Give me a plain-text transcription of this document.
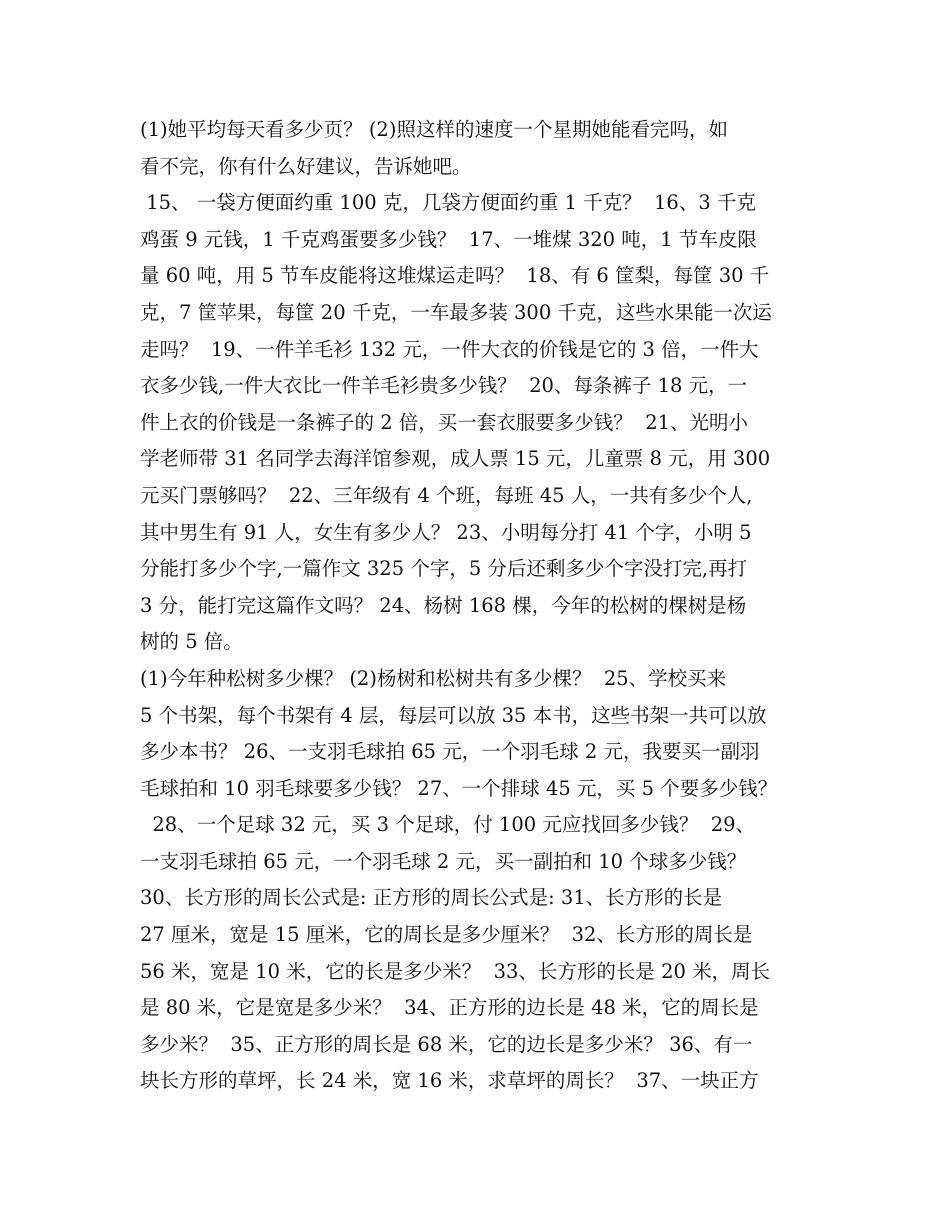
(1)她平均每天看多少页？ (2)照这样的速度一个星期她能看完吗，如
看不完，你有什么好建议，告诉她吧。
15、 一袋方便面约重 100 克，几袋方便面约重 1 千克？  16、3 千克
鸡蛋 9 元钱，1 千克鸡蛋要多少钱？  17、一堆煤 320 吨，1 节车皮限
量 60 吨，用 5 节车皮能将这堆煤运走吗？  18、有 6 筐梨，每筐 30 千
克，7 筐苹果，每筐 20 千克，一车最多装 300 千克，这些水果能一次运
走吗？  19、一件羊毛衫 132 元，一件大衣的价钱是它的 3 倍，一件大
衣多少钱,一件大衣比一件羊毛衫贵多少钱？  20、每条裤子 18 元，一
件上衣的价钱是一条裤子的 2 倍，买一套衣服要多少钱？  21、光明小
学老师带 31 名同学去海洋馆参观，成人票 15 元，儿童票 8 元，用 300
元买门票够吗？  22、三年级有 4 个班，每班 45 人，一共有多少个人,
其中男生有 91 人，女生有多少人？ 23、小明每分打 41 个字，小明 5
分能打多少个字,一篇作文 325 个字，5 分后还剩多少个字没打完,再打
3 分，能打完这篇作文吗？ 24、杨树 168 棵，今年的松树的棵树是杨
树的 5 倍。
(1)今年种松树多少棵？ (2)杨树和松树共有多少棵？  25、学校买来
5 个书架，每个书架有 4 层，每层可以放 35 本书，这些书架一共可以放
多少本书？ 26、一支羽毛球拍 65 元，一个羽毛球 2 元，我要买一副羽
毛球拍和 10 羽毛球要多少钱？ 27、一个排球 45 元，买 5 个要多少钱？
28、一个足球 32 元，买 3 个足球，付 100 元应找回多少钱？  29、
一支羽毛球拍 65 元，一个羽毛球 2 元，买一副拍和 10 个球多少钱？
30、长方形的周长公式是: 正方形的周长公式是: 31、长方形的长是
27 厘米，宽是 15 厘米，它的周长是多少厘米？  32、长方形的周长是
56 米，宽是 10 米，它的长是多少米？  33、长方形的长是 20 米，周长
是 80 米，它是宽是多少米？  34、正方形的边长是 48 米，它的周长是
多少米？  35、正方形的周长是 68 米，它的边长是多少米？ 36、有一
块长方形的草坪，长 24 米，宽 16 米，求草坪的周长？  37、一块正方
